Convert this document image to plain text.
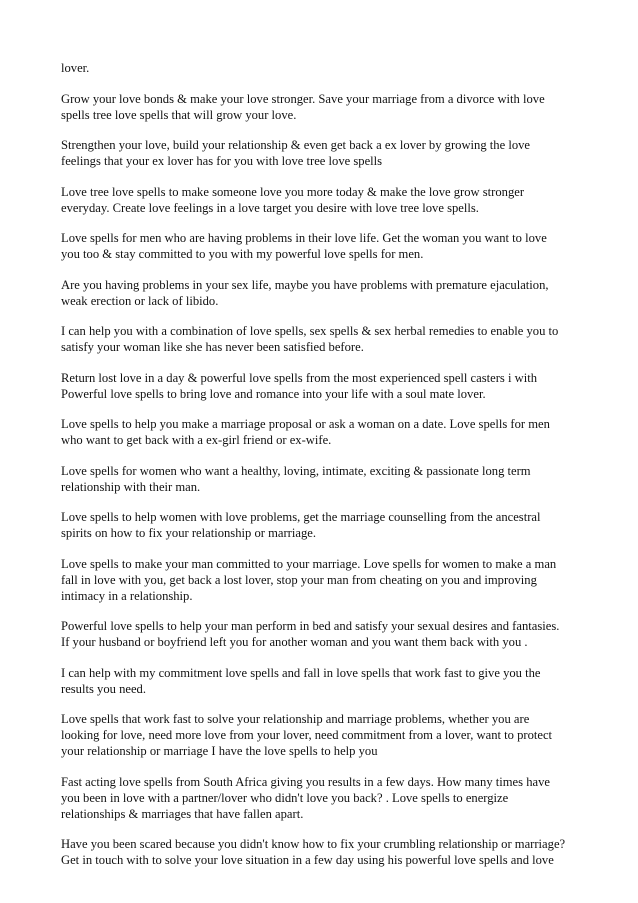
lover.

Grow your love bonds & make your love stronger. Save your marriage from a divorce with love
spells tree love spells that will grow your love.

Strengthen your love, build your relationship & even get back a ex lover by growing the love
feelings that your ex lover has for you with love tree love spells

Love tree love spells to make someone love you more today & make the love grow stronger
everyday. Create love feelings in a love target you desire with love tree love spells.

Love spells for men who are having problems in their love life. Get the woman you want to love
you too & stay committed to you with my powerful love spells for men.

Are you having problems in your sex life, maybe you have problems with premature ejaculation,
weak erection or lack of libido.

I can help you with a combination of love spells, sex spells & sex herbal remedies to enable you to
satisfy your woman like she has never been satisfied before.

Return lost love in a day & powerful love spells from the most experienced spell casters i with
Powerful love spells to bring love and romance into your life with a soul mate lover.

Love spells to help you make a marriage proposal or ask a woman on a date. Love spells for men
who want to get back with a ex-girl friend or ex-wife.

Love spells for women who want a healthy, loving, intimate, exciting & passionate long term
relationship with their man.

Love spells to help women with love problems, get the marriage counselling from the ancestral
spirits on how to fix your relationship or marriage.

Love spells to make your man committed to your marriage. Love spells for women to make a man
fall in love with you, get back a lost lover, stop your man from cheating on you and improving
intimacy in a relationship.

Powerful love spells to help your man perform in bed and satisfy your sexual desires and fantasies.
If your husband or boyfriend left you for another woman and you want them back with you .

I can help with my commitment love spells and fall in love spells that work fast to give you the
results you need.

Love spells that work fast to solve your relationship and marriage problems, whether you are
looking for love, need more love from your lover, need commitment from a lover, want to protect
your relationship or marriage I have the love spells to help you

Fast acting love spells from South Africa giving you results in a few days. How many times have
you been in love with a partner/lover who didn't love you back? . Love spells to energize
relationships & marriages that have fallen apart.

Have you been scared because you didn't know how to fix your crumbling relationship or marriage?
Get in touch with to solve your love situation in a few day using his powerful love spells and love
